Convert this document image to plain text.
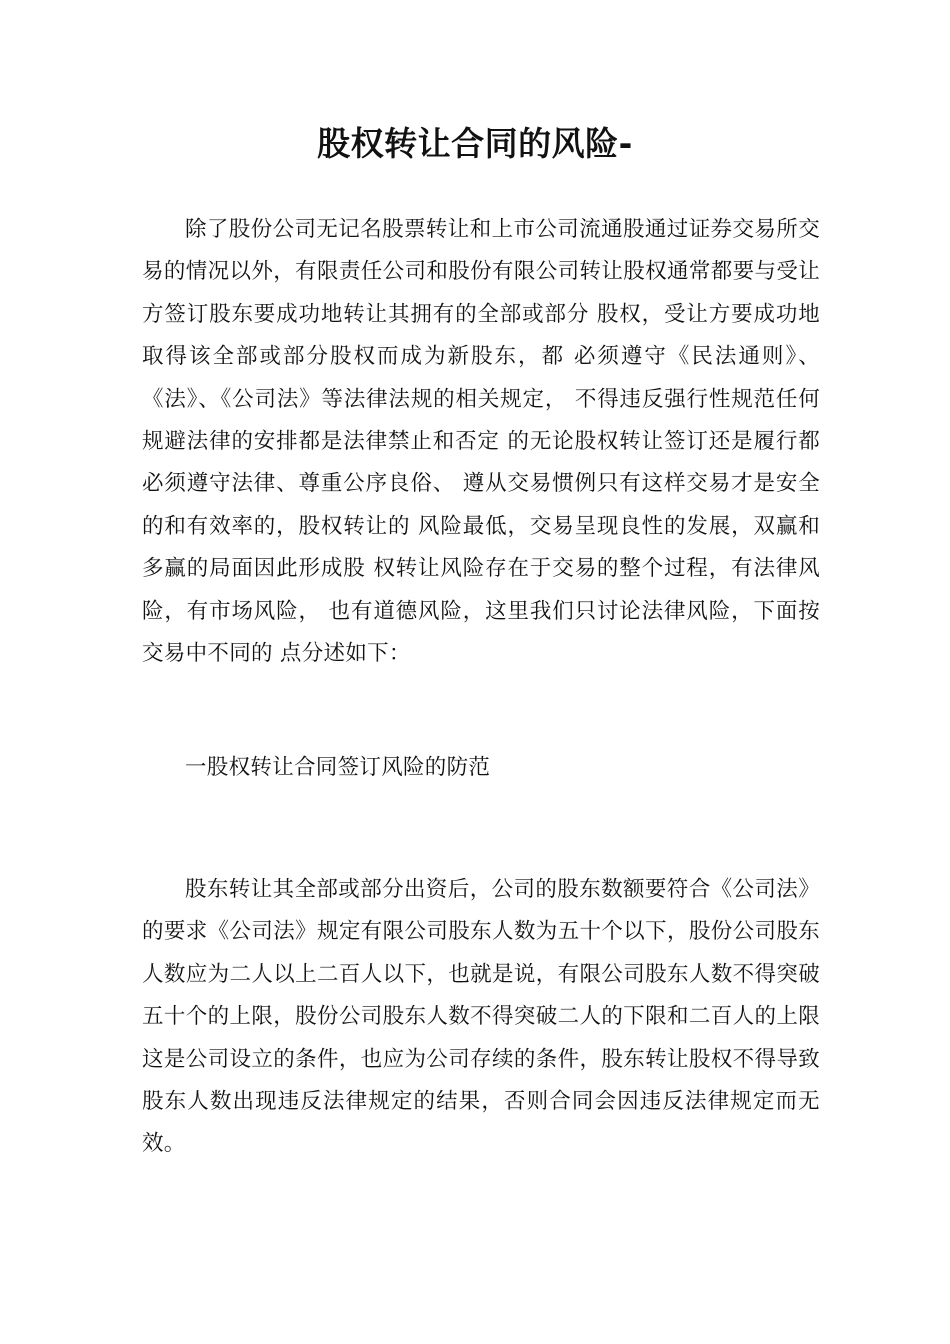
股权转让合同的风险-

除了股份公司无记名股票转让和上市公司流通股通过证券交易所交易的情况以外，有限责任公司和股份有限公司转让股权通常都要与受让方签订股东要成功地转让其拥有的全部或部分 股权，受让方要成功地取得该全部或部分股权而成为新股东，都 必须遵守《民法通则》、《法》、《公司法》等法律法规的相关规定， 不得违反强行性规范任何规避法律的安排都是法律禁止和否定 的无论股权转让签订还是履行都必须遵守法律、尊重公序良俗、 遵从交易惯例只有这样交易才是安全的和有效率的，股权转让的 风险最低，交易呈现良性的发展，双赢和多赢的局面因此形成股 权转让风险存在于交易的整个过程，有法律风险，有市场风险， 也有道德风险，这里我们只讨论法律风险，下面按交易中不同的 点分述如下：

一股权转让合同签订风险的防范

股东转让其全部或部分出资后，公司的股东数额要符合《公司法》的要求《公司法》规定有限公司股东人数为五十个以下，股份公司股东人数应为二人以上二百人以下，也就是说，有限公司股东人数不得突破五十个的上限，股份公司股东人数不得突破二人的下限和二百人的上限这是公司设立的条件，也应为公司存续的条件，股东转让股权不得导致股东人数出现违反法律规定的结果，否则合同会因违反法律规定而无效。
